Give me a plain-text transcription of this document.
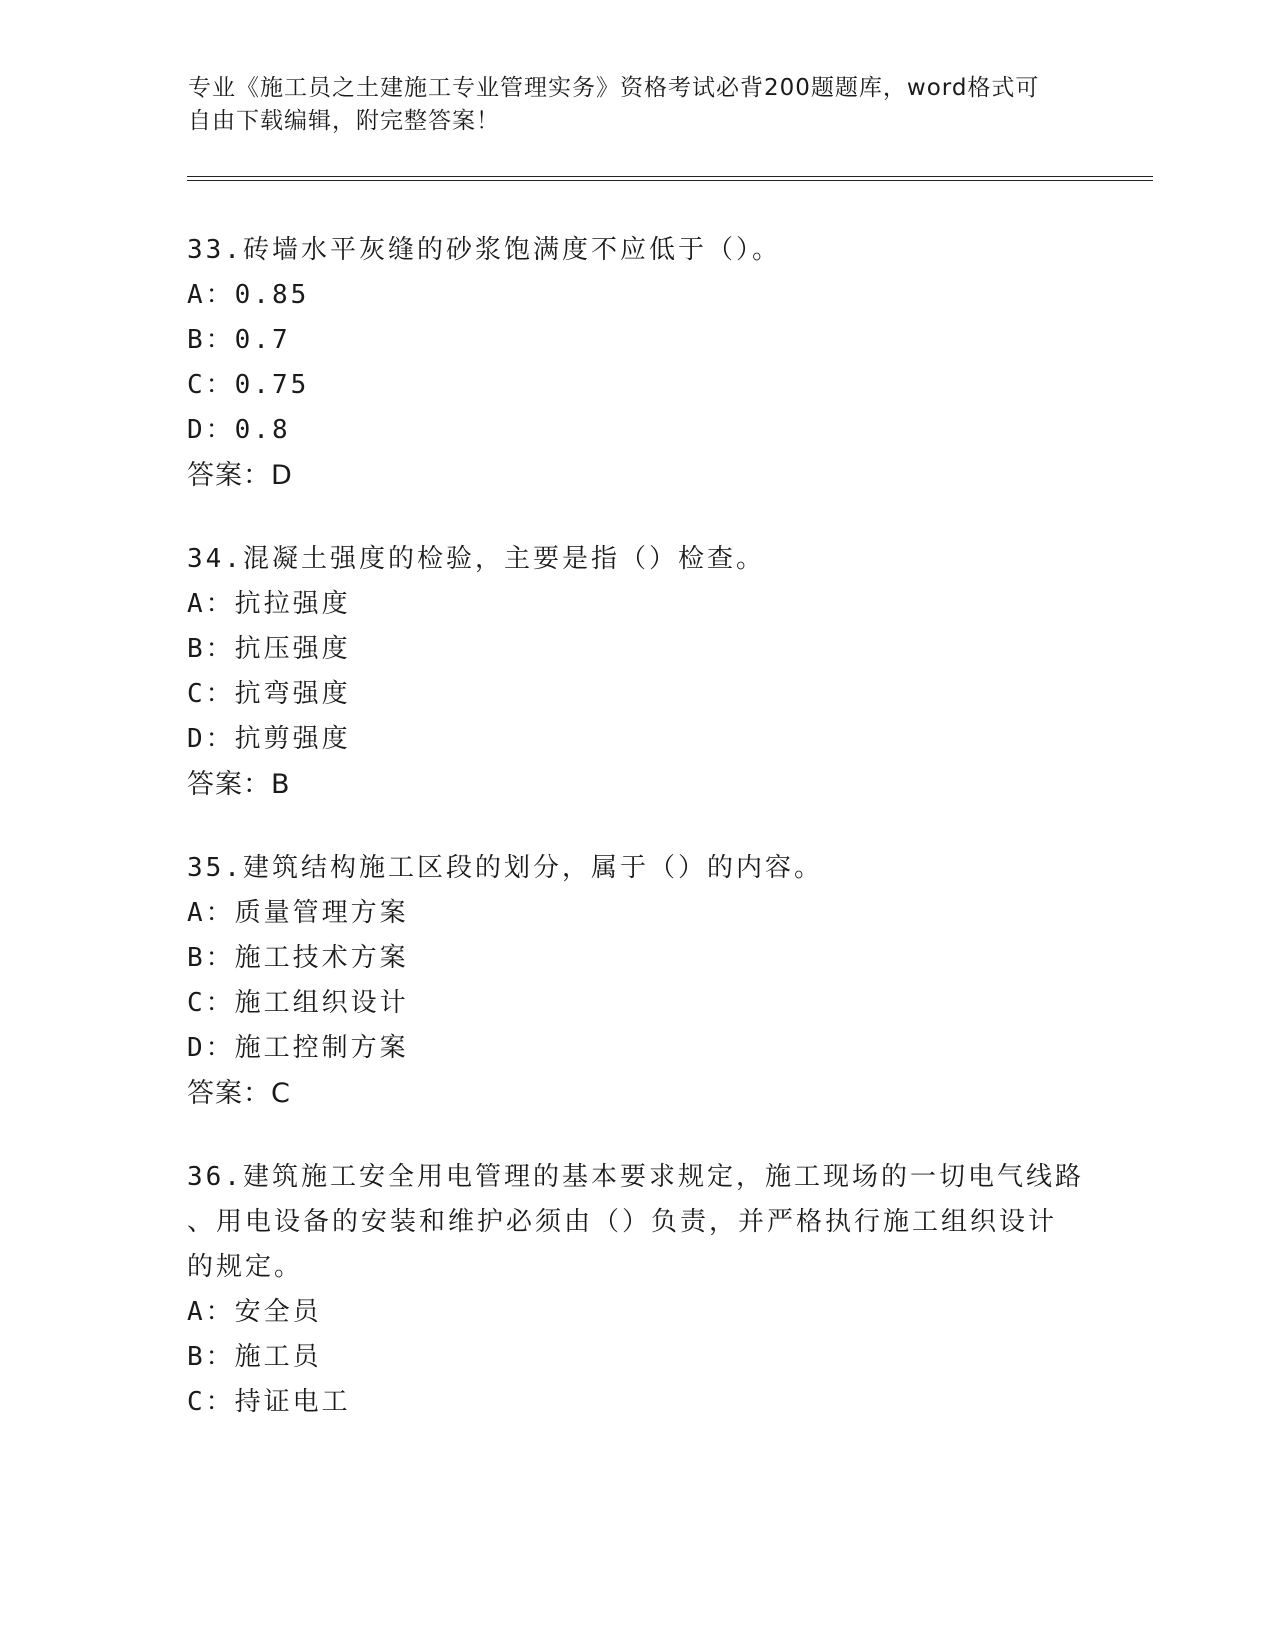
专业《施工员之土建施工专业管理实务》资格考试必背200题题库，word格式可
自由下载编辑，附完整答案！
33.砖墙水平灰缝的砂浆饱满度不应低于（）。
A：0.85
B：0.7
C：0.75
D：0.8
答案：D
34.混凝土强度的检验，主要是指（）检查。
A：抗拉强度
B：抗压强度
C：抗弯强度
D：抗剪强度
答案：B
35.建筑结构施工区段的划分，属于（）的内容。
A：质量管理方案
B：施工技术方案
C：施工组织设计
D：施工控制方案
答案：C
36.建筑施工安全用电管理的基本要求规定，施工现场的一切电气线路
、用电设备的安装和维护必须由（）负责，并严格执行施工组织设计
的规定。
A：安全员
B：施工员
C：持证电工
